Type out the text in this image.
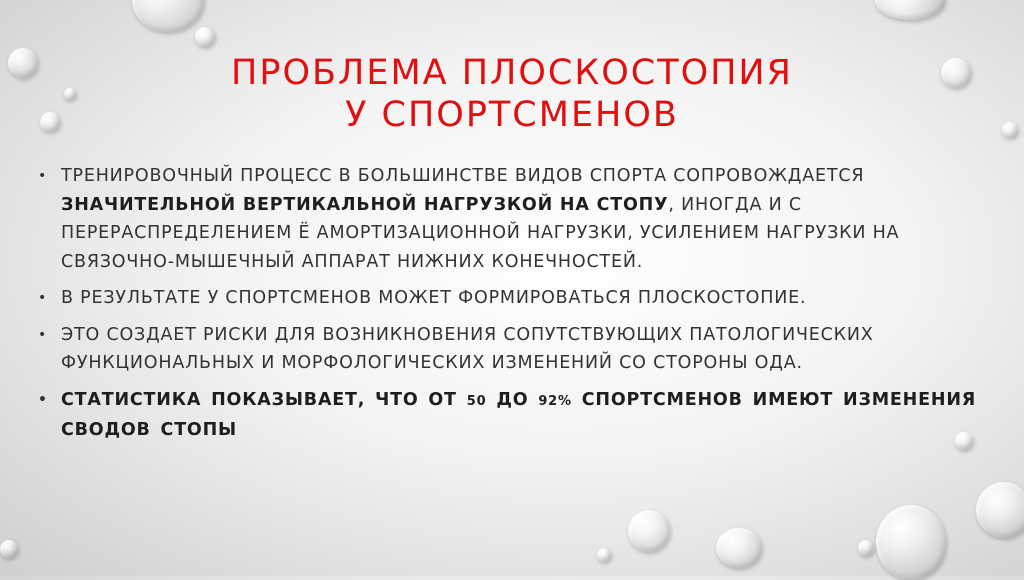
ПРОБЛЕМА ПЛОСКОСТОПИЯ
У СПОРТСМЕНОВ
• ТРЕНИРОВОЧНЫЙ ПРОЦЕСС В БОЛЬШИНСТВЕ ВИДОВ СПОРТА СОПРОВОЖДАЕТСЯ ЗНАЧИТЕЛЬНОЙ ВЕРТИКАЛЬНОЙ НАГРУЗКОЙ НА СТОПУ, ИНОГДА И С ПЕРЕРАСПРЕДЕЛЕНИЕМ Ё АМОРТИЗАЦИОННОЙ НАГРУЗКИ, УСИЛЕНИЕМ НАГРУЗКИ НА СВЯЗОЧНО-МЫШЕЧНЫЙ АППАРАТ НИЖНИХ КОНЕЧНОСТЕЙ.
• В РЕЗУЛЬТАТЕ У СПОРТСМЕНОВ МОЖЕТ ФОРМИРОВАТЬСЯ ПЛОСКОСТОПИЕ.
• ЭТО СОЗДАЕТ РИСКИ ДЛЯ ВОЗНИКНОВЕНИЯ СОПУТСТВУЮЩИХ ПАТОЛОГИЧЕСКИХ ФУНКЦИОНАЛЬНЫХ И МОРФОЛОГИЧЕСКИХ ИЗМЕНЕНИЙ СО СТОРОНЫ ОДА.
• СТАТИСТИКА ПОКАЗЫВАЕТ, ЧТО ОТ 50 ДО 92% СПОРТСМЕНОВ ИМЕЮТ ИЗМЕНЕНИЯ СВОДОВ СТОПЫ
